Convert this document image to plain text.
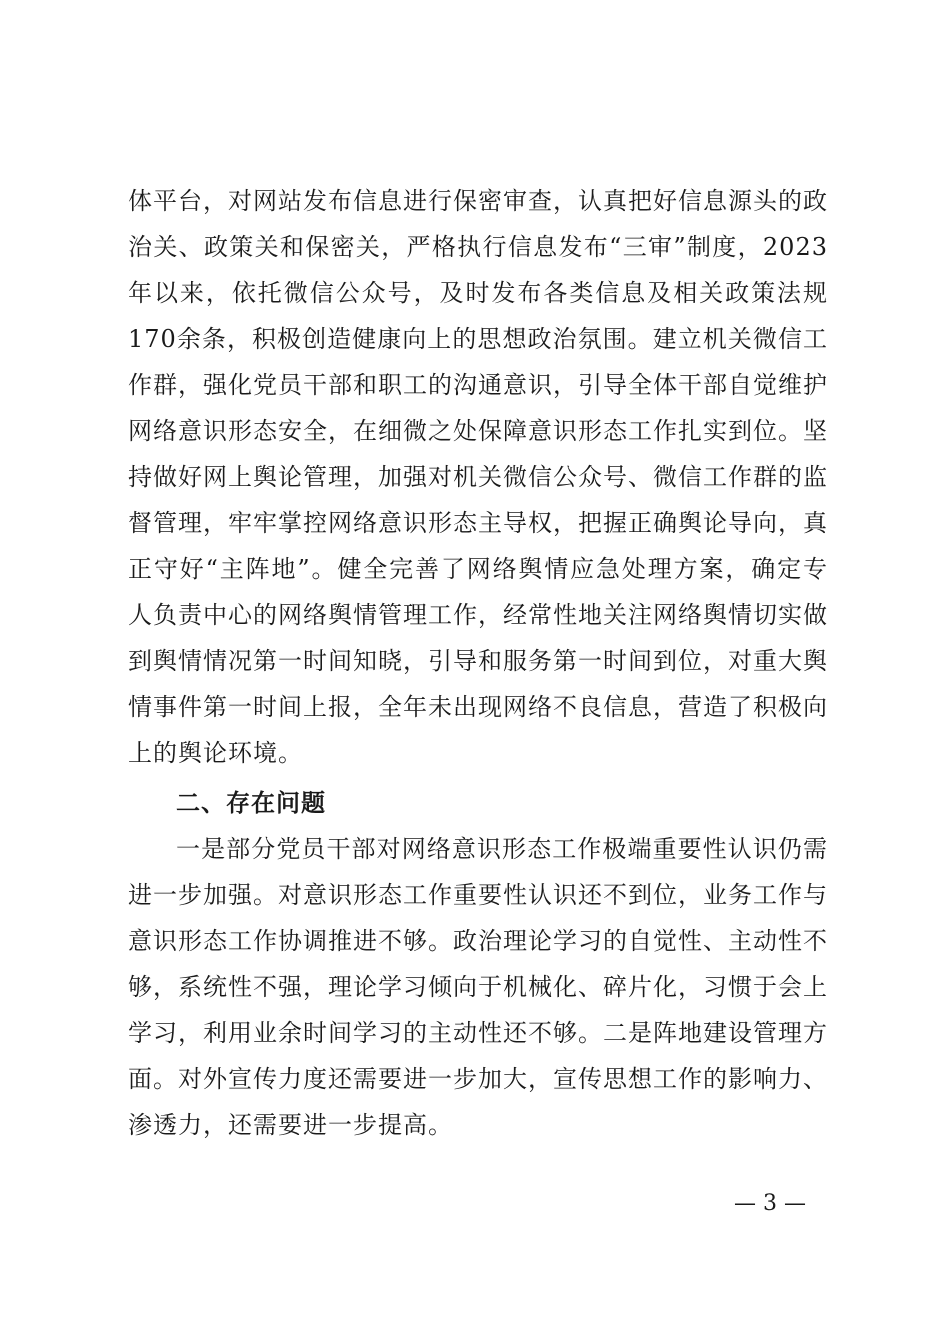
体平台，对网站发布信息进行保密审查，认真把好信息源头的政治关、政策关和保密关，严格执行信息发布“三审”制度，2023年以来，依托微信公众号，及时发布各类信息及相关政策法规170余条，积极创造健康向上的思想政治氛围。建立机关微信工作群，强化党员干部和职工的沟通意识，引导全体干部自觉维护网络意识形态安全，在细微之处保障意识形态工作扎实到位。坚持做好网上舆论管理，加强对机关微信公众号、微信工作群的监督管理，牢牢掌控网络意识形态主导权，把握正确舆论导向，真正守好“主阵地”。健全完善了网络舆情应急处理方案，确定专人负责中心的网络舆情管理工作，经常性地关注网络舆情切实做到舆情情况第一时间知晓，引导和服务第一时间到位，对重大舆情事件第一时间上报，全年未出现网络不良信息，营造了积极向上的舆论环境。
二、存在问题
一是部分党员干部对网络意识形态工作极端重要性认识仍需进一步加强。对意识形态工作重要性认识还不到位，业务工作与意识形态工作协调推进不够。政治理论学习的自觉性、主动性不够，系统性不强，理论学习倾向于机械化、碎片化，习惯于会上学习，利用业余时间学习的主动性还不够。二是阵地建设管理方面。对外宣传力度还需要进一步加大，宣传思想工作的影响力、渗透力，还需要进一步提高。
— 3 —
